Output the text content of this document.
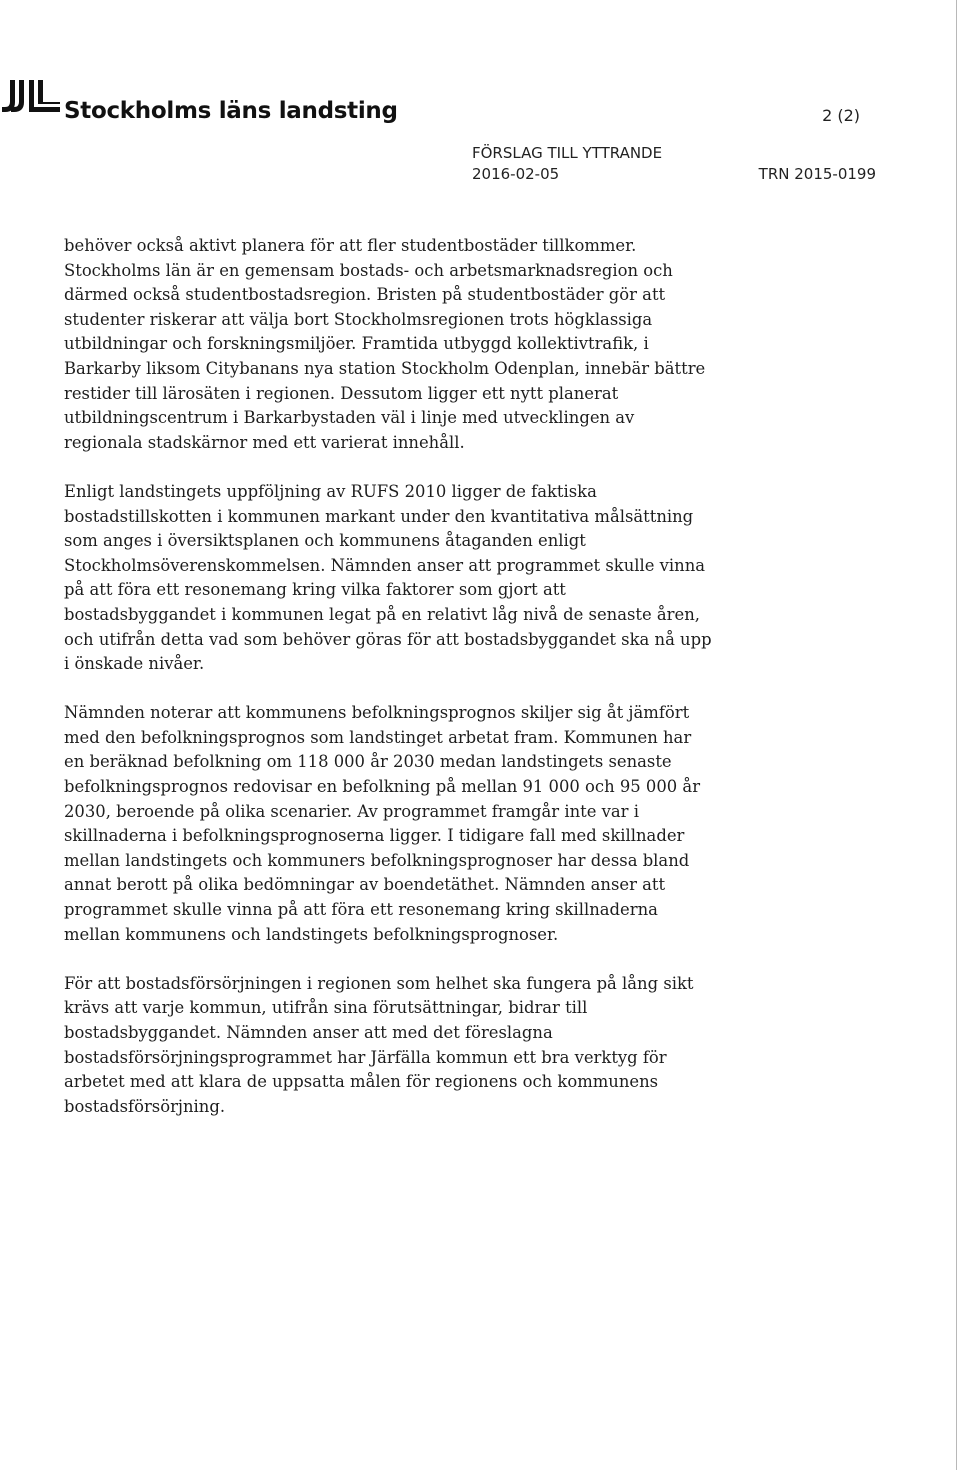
Stockholms läns landsting	2 (2)
FÖRSLAG TILL YTTRANDE
2016-02-05	TRN 2015-0199

behöver också aktivt planera för att fler studentbostäder tillkommer. Stockholms län är en gemensam bostads- och arbetsmarknadsregion och därmed också studentbostadsregion. Bristen på studentbostäder gör att studenter riskerar att välja bort Stockholmsregionen trots högklassiga utbildningar och forskningsmiljöer. Framtida utbyggd kollektivtrafik, i Barkarby liksom Citybanans nya station Stockholm Odenplan, innebär bättre restider till lärosäten i regionen. Dessutom ligger ett nytt planerat utbildningscentrum i Barkarbystaden väl i linje med utvecklingen av regionala stadskärnor med ett varierat innehåll.

Enligt landstingets uppföljning av RUFS 2010 ligger de faktiska bostadstillskotten i kommunen markant under den kvantitativa målsättning som anges i översiktsplanen och kommunens åtaganden enligt Stockholmsöverenskommelsen. Nämnden anser att programmet skulle vinna på att föra ett resonemang kring vilka faktorer som gjort att bostadsbyggandet i kommunen legat på en relativt låg nivå de senaste åren, och utifrån detta vad som behöver göras för att bostadsbyggandet ska nå upp i önskade nivåer.

Nämnden noterar att kommunens befolkningsprognos skiljer sig åt jämfört med den befolkningsprognos som landstinget arbetat fram. Kommunen har en beräknad befolkning om 118 000 år 2030 medan landstingets senaste befolkningsprognos redovisar en befolkning på mellan 91 000 och 95 000 år 2030, beroende på olika scenarier. Av programmet framgår inte var i skillnaderna i befolkningsprognoserna ligger. I tidigare fall med skillnader mellan landstingets och kommuners befolkningsprognoser har dessa bland annat berott på olika bedömningar av boendetäthet. Nämnden anser att programmet skulle vinna på att föra ett resonemang kring skillnaderna mellan kommunens och landstingets befolkningsprognoser.

För att bostadsförsörjningen i regionen som helhet ska fungera på lång sikt krävs att varje kommun, utifrån sina förutsättningar, bidrar till bostadsbyggandet. Nämnden anser att med det föreslagna bostadsförsörjningsprogrammet har Järfälla kommun ett bra verktyg för arbetet med att klara de uppsatta målen för regionens och kommunens bostadsförsörjning.
